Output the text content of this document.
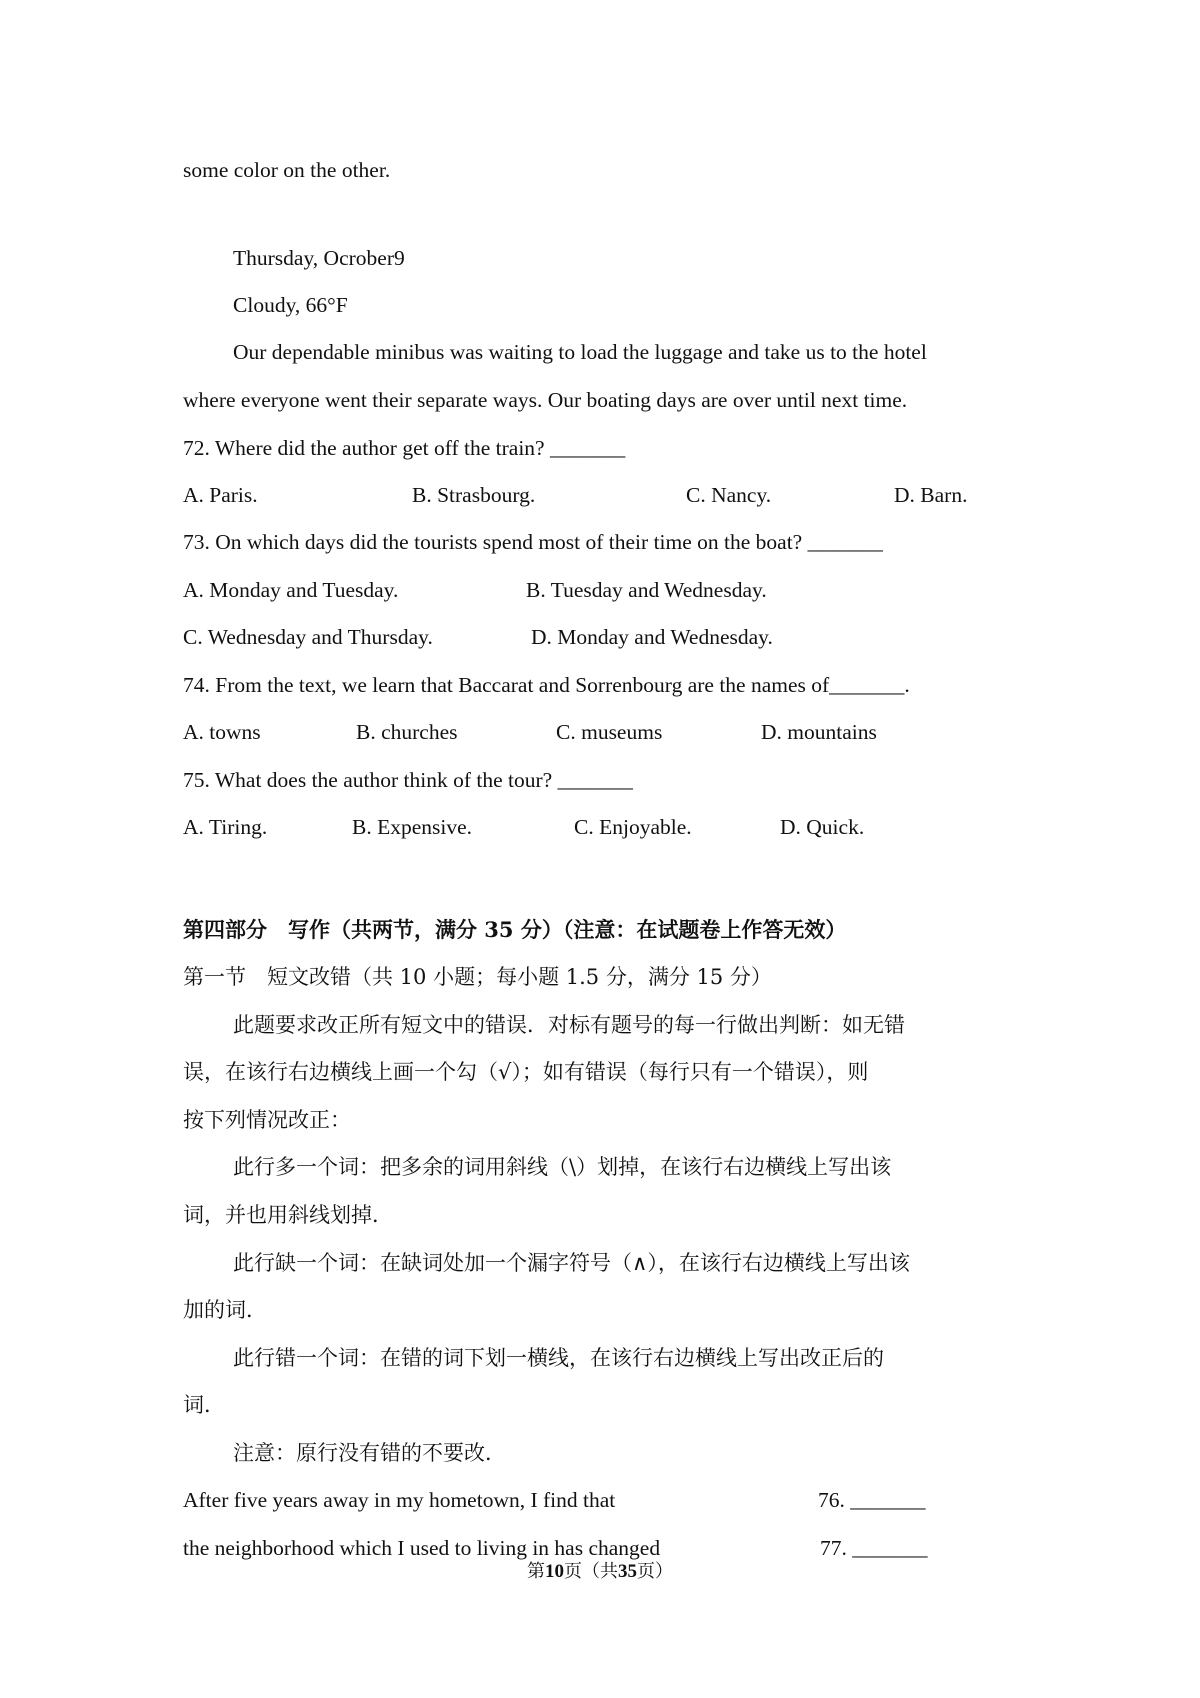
some color on the other.

Thursday, Ocrober9

Cloudy, 66°F

Our dependable minibus was waiting to load the luggage and take us to the hotel

where everyone went their separate ways. Our boating days are over until next time.

72. Where did the author get off the train? _______

A. Paris.	B. Strasbourg.	C. Nancy.	D. Barn.

73. On which days did the tourists spend most of their time on the boat? _______

A. Monday and Tuesday.	B. Tuesday and Wednesday.
C. Wednesday and Thursday.	D. Monday and Wednesday.

74. From the text, we learn that Baccarat and Sorrenbourg are the names of_______.

A. towns	B. churches	C. museums	D. mountains

75. What does the author think of the tour? _______

A. Tiring.	B. Expensive.	C. Enjoyable.	D. Quick.

第四部分　写作（共两节，满分 35 分）（注意：在试题卷上作答无效）

第一节　短文改错（共 10 小题；每小题 1.5 分，满分 15 分）

此题要求改正所有短文中的错误．对标有题号的每一行做出判断：如无错

误，在该行右边横线上画一个勾（√）；如有错误（每行只有一个错误），则

按下列情况改正：

此行多一个词：把多余的词用斜线（\）划掉，在该行右边横线上写出该

词，并也用斜线划掉．

此行缺一个词：在缺词处加一个漏字符号（∧），在该行右边横线上写出该

加的词．

此行错一个词：在错的词下划一横线，在该行右边横线上写出改正后的

词．

注意：原行没有错的不要改．

After five years away in my hometown, I find that	76. _______
the neighborhood which I used to living in has changed	77. _______
第10页（共35页）
